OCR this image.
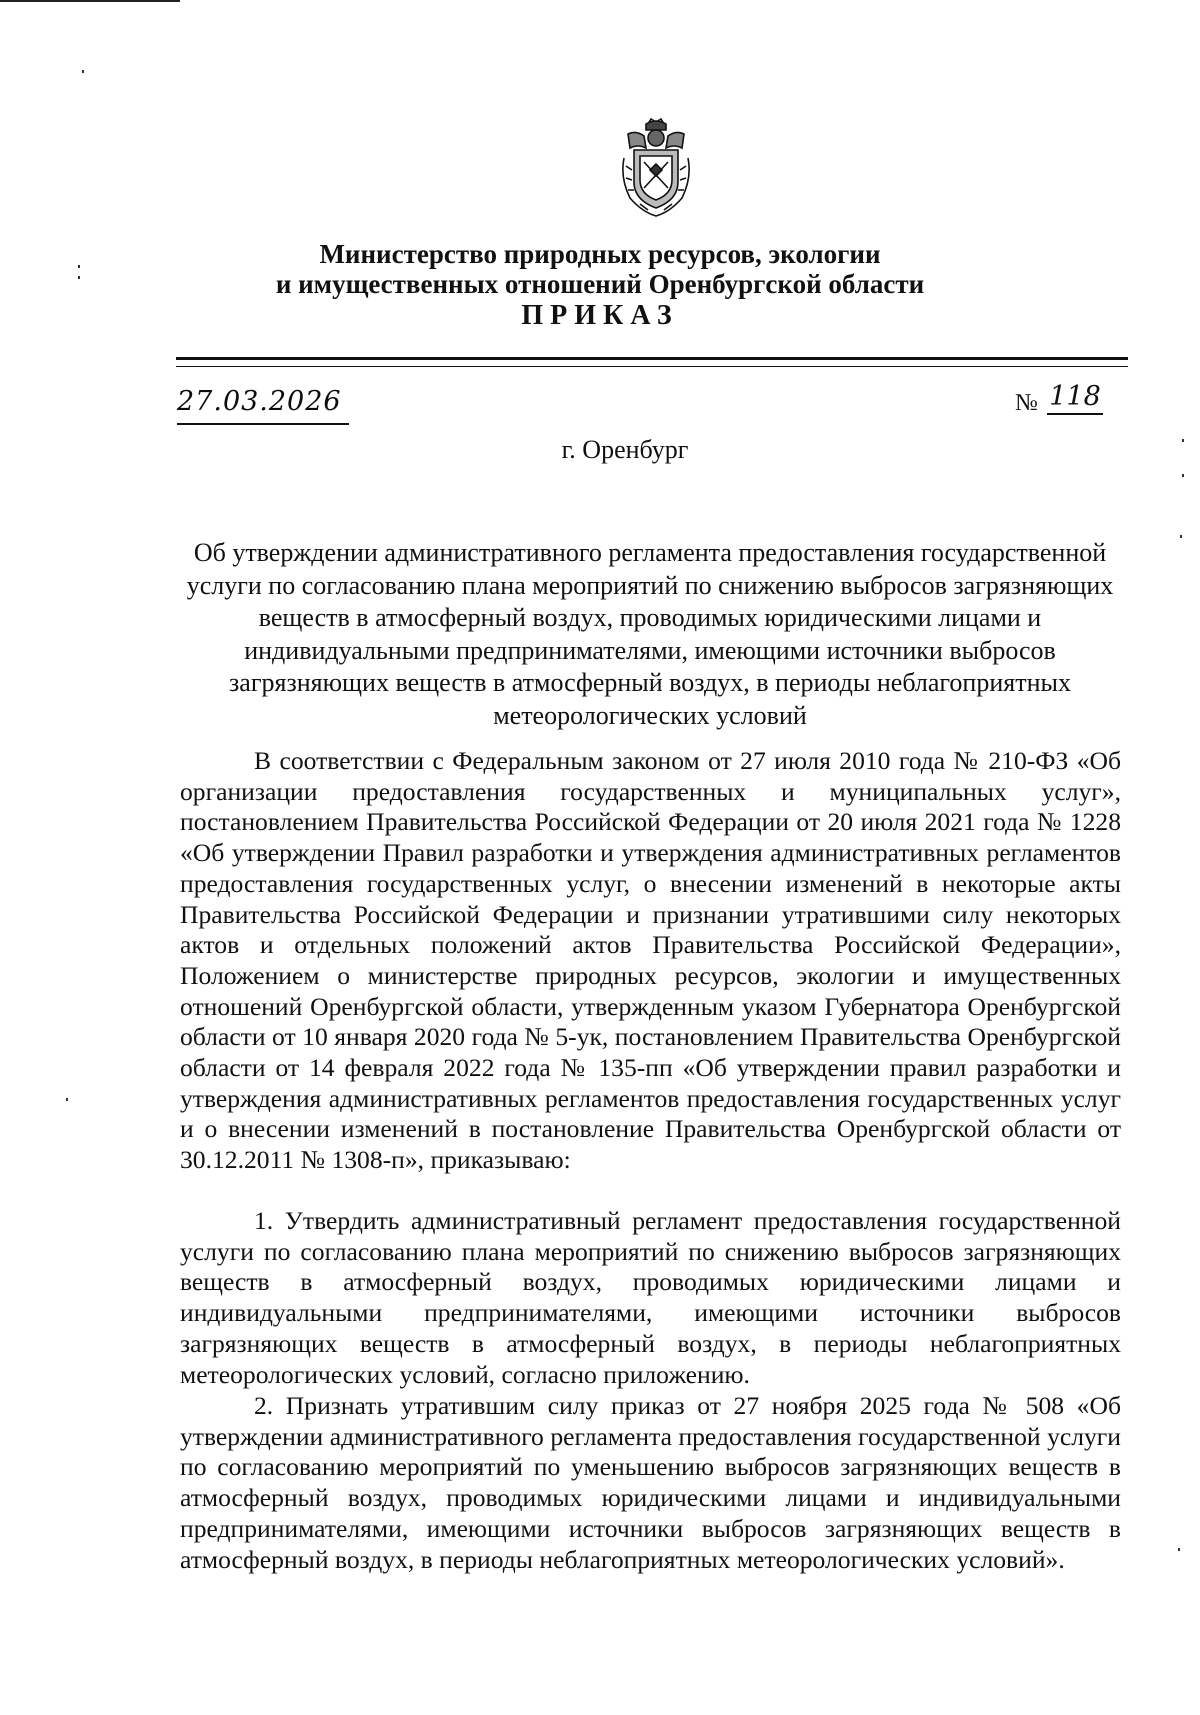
Министерство природных ресурсов, экологии
и имущественных отношений Оренбургской области
ПРИКАЗ
27.03.2026	№ 118
г. Оренбург
Об утверждении административного регламента предоставления государственной услуги по согласованию плана мероприятий по снижению выбросов загрязняющих веществ в атмосферный воздух, проводимых юридическими лицами и индивидуальными предпринимателями, имеющими источники выбросов загрязняющих веществ в атмосферный воздух, в периоды неблагоприятных метеорологических условий

В соответствии с Федеральным законом от 27 июля 2010 года № 210-ФЗ «Об организации предоставления государственных и муниципальных услуг», постановлением Правительства Российской Федерации от 20 июля 2021 года № 1228 «Об утверждении Правил разработки и утверждения административных регламентов предоставления государственных услуг, о внесении изменений в некоторые акты Правительства Российской Федерации и признании утратившими силу некоторых актов и отдельных положений актов Правительства Российской Федерации», Положением о министерстве природных ресурсов, экологии и имущественных отношений Оренбургской области, утвержденным указом Губернатора Оренбургской области от 10 января 2020 года № 5-ук, постановлением Правительства Оренбургской области от 14 февраля 2022 года № 135-пп «Об утверждении правил разработки и утверждения административных регламентов предоставления государственных услуг и о внесении изменений в постановление Правительства Оренбургской области от 30.12.2011 № 1308-п», приказываю:

1. Утвердить административный регламент предоставления государственной услуги по согласованию плана мероприятий по снижению выбросов загрязняющих веществ в атмосферный воздух, проводимых юридическими лицами и индивидуальными предпринимателями, имеющими источники выбросов загрязняющих веществ в атмосферный воздух, в периоды неблагоприятных метеорологических условий, согласно приложению.

2. Признать утратившим силу приказ от 27 ноября 2025 года № 508 «Об утверждении административного регламента предоставления государственной услуги по согласованию мероприятий по уменьшению выбросов загрязняющих веществ в атмосферный воздух, проводимых юридическими лицами и индивидуальными предпринимателями, имеющими источники выбросов загрязняющих веществ в атмосферный воздух, в периоды неблагоприятных метеорологических условий».
